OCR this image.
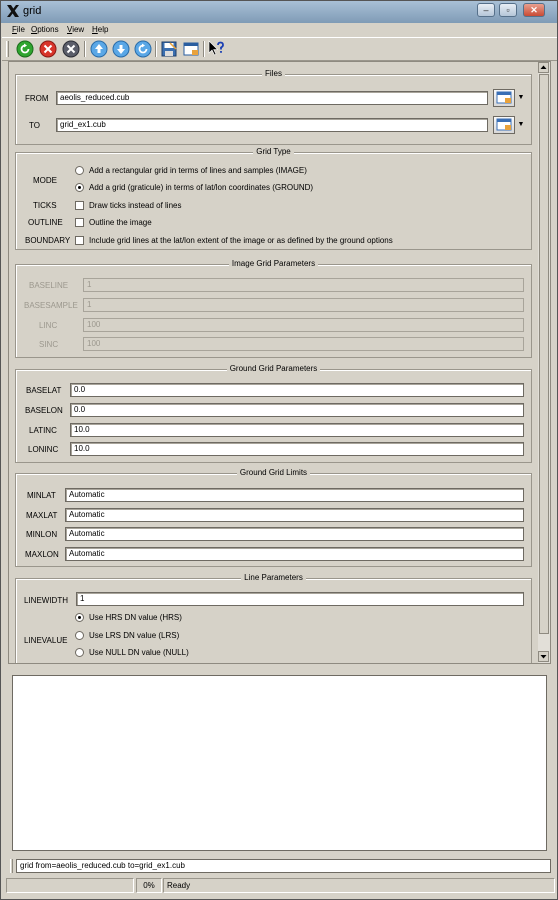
grid	–	▫	✕
File Options View Help
Files
FROM	aeolis_reduced.cub	▼
TO	grid_ex1.cub	▼
Grid Type
MODE
Add a rectangular grid in terms of lines and samples (IMAGE)
Add a grid (graticule) in terms of lat/lon coordinates (GROUND)
TICKS	Draw ticks instead of lines
OUTLINE	Outline the image
BOUNDARY Include grid lines at the lat/lon extent of the image or as defined by the ground options
Image Grid Parameters
BASELINE	1
BASESAMPLE	1
LINC	100
SINC	100
Ground Grid Parameters
BASELAT	0.0
BASELON	0.0
LATINC	10.0
LONINC	10.0
Ground Grid Limits
MINLAT	Automatic
MAXLAT	Automatic
MINLON	Automatic
MAXLON	Automatic
Line Parameters
LINEWIDTH	1
LINEVALUE
Use HRS DN value (HRS)
Use LRS DN value (LRS)
Use NULL DN value (NULL)
grid from=aeolis_reduced.cub to=grid_ex1.cub
0%	Ready
